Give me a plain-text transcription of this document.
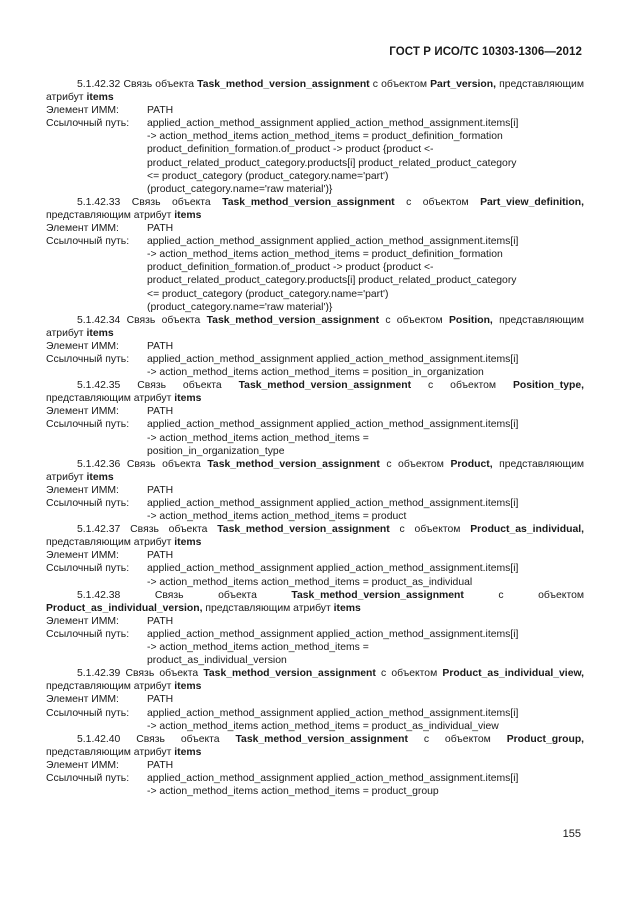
ГОСТ Р ИСО/ТС 10303-1306—2012
5.1.42.32 Связь объекта Task_method_version_assignment с объектом Part_version, представляющим атрибут items
Элемент ИММ:	PATH
Ссылочный путь:	applied_action_method_assignment applied_action_method_assignment.items[i]
-> action_method_items action_method_items = product_definition_formation
product_definition_formation.of_product -> product {product <-
product_related_product_category.products[i] product_related_product_category
<= product_category (product_category.name='part')
(product_category.name='raw material')}
5.1.42.33 Связь объекта Task_method_version_assignment с объектом Part_view_definition, представляющим атрибут items
Элемент ИММ:	PATH
Ссылочный путь:	applied_action_method_assignment applied_action_method_assignment.items[i]
-> action_method_items action_method_items = product_definition_formation
product_definition_formation.of_product -> product {product <-
product_related_product_category.products[i] product_related_product_category
<= product_category (product_category.name='part')
(product_category.name='raw material')}
5.1.42.34 Связь объекта Task_method_version_assignment с объектом Position, представляющим атрибут items
Элемент ИММ:	PATH
Ссылочный путь:	applied_action_method_assignment applied_action_method_assignment.items[i]
-> action_method_items action_method_items = position_in_organization
5.1.42.35 Связь объекта Task_method_version_assignment с объектом Position_type, представляющим атрибут items
Элемент ИММ:	PATH
Ссылочный путь:	applied_action_method_assignment applied_action_method_assignment.items[i]
-> action_method_items action_method_items =
position_in_organization_type
5.1.42.36 Связь объекта Task_method_version_assignment с объектом Product, представляющим атрибут items
Элемент ИММ:	PATH
Ссылочный путь:	applied_action_method_assignment applied_action_method_assignment.items[i]
-> action_method_items action_method_items = product
5.1.42.37 Связь объекта Task_method_version_assignment с объектом Product_as_individual, представляющим атрибут items
Элемент ИММ:	PATH
Ссылочный путь:	applied_action_method_assignment applied_action_method_assignment.items[i]
-> action_method_items action_method_items = product_as_individual
5.1.42.38	Связь объекта	Task_method_version_assignment	с объектом Product_as_individual_version, представляющим атрибут items
Элемент ИММ:	PATH
Ссылочный путь:	applied_action_method_assignment applied_action_method_assignment.items[i]
-> action_method_items action_method_items =
product_as_individual_version
5.1.42.39 Связь объекта Task_method_version_assignment с объектом Product_as_individual_view, представляющим атрибут items
Элемент ИММ:	PATH
Ссылочный путь:	applied_action_method_assignment applied_action_method_assignment.items[i]
-> action_method_items action_method_items = product_as_individual_view
5.1.42.40 Связь объекта Task_method_version_assignment с объектом Product_group, представляющим атрибут items
Элемент ИММ:	PATH
Ссылочный путь:	applied_action_method_assignment applied_action_method_assignment.items[i]
-> action_method_items action_method_items = product_group
155
